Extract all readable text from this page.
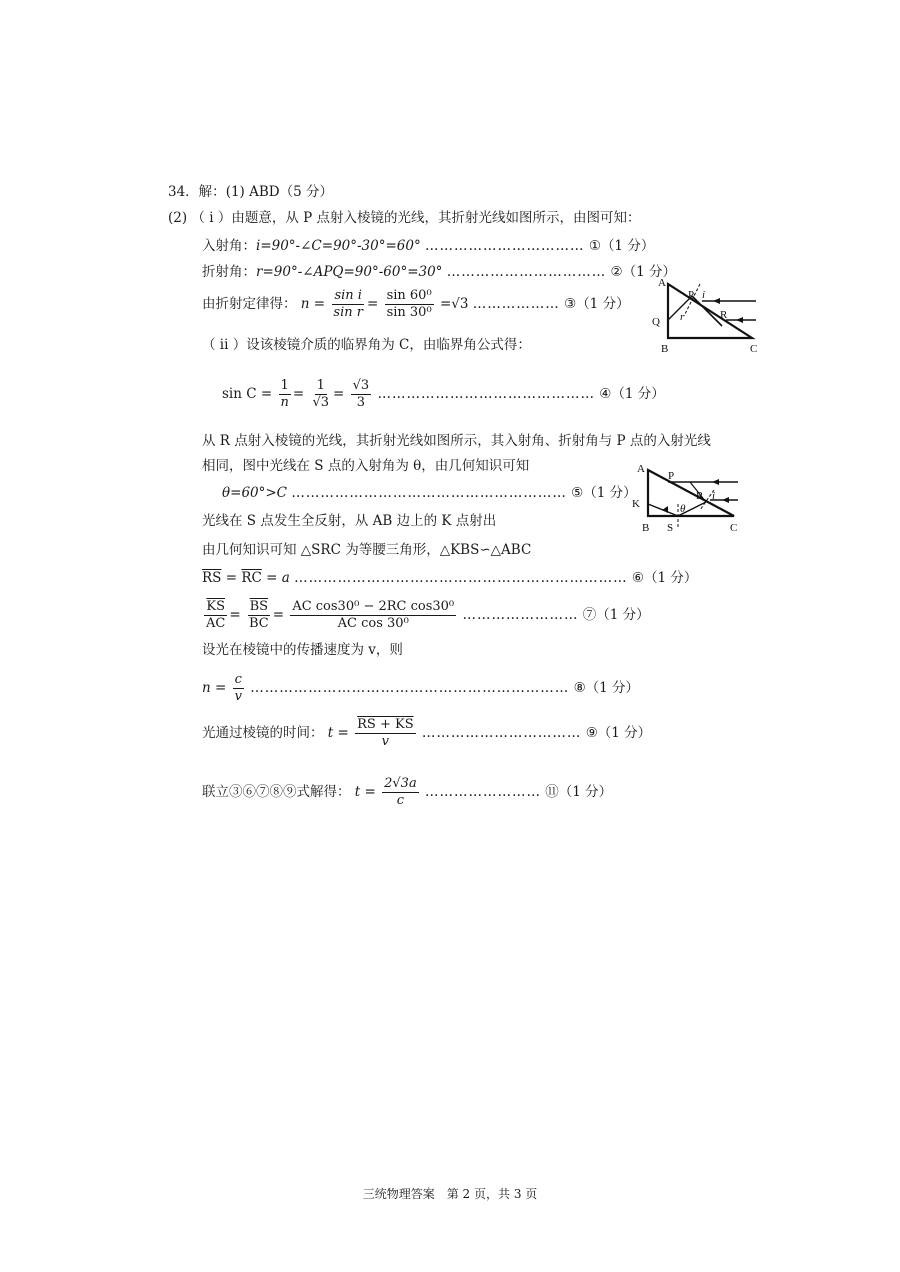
34．解：(1) ABD（5 分）
(2) （ i ）由题意，从 P 点射入棱镜的光线，其折射光线如图所示，由图可知：
入射角：i=90°-∠C=90°-30°=60° …………………………… ①（1 分）
折射角：r=90°-∠APQ=90°-60°=30° …………………………… ②（1 分）
由折射定律得： $n = \frac{\text{sin i}}{\text{sin r}} = \frac{\text{sin 60⁰}}{\text{sin 30⁰}} =√3$ ……………… ③（1 分）
A
B	C
P
Q
R
i
r
（ ii ）设该棱镜介质的临界角为 C，由临界角公式得：
$\sin C = \frac{1}{n} = \frac{1}{√3} = \frac{√3}{3}$ ……………………………………… ④（1 分）
从 R 点射入棱镜的光线，其折射光线如图所示，其入射角、折射角与 P 点的入射光线
相同，图中光线在 S 点的入射角为 θ，由几何知识可知	A
B	C
P
K
S
R i
θ
θ=60°>C ………………………………………………… ⑤（1 分）
光线在 S 点发生全反射，从 AB 边上的 K 点射出
由几何知识可知 △SRC 为等腰三角形，△KBS∽△ABC
$\overline{RS} = \overline{RC} = a$ …………………………………………………………… ⑥（1 分）
$\frac{\overline{KS}}{AC} = \frac{\overline{BS}}{BC} = \frac{\text{AC cos30⁰ − 2RC cos30⁰}}{\text{AC cos 30⁰}}$ …………………… ⑦（1 分）
设光在棱镜中的传播速度为 v，则
$n = \frac{c}{v}$ ………………………………………………………… ⑧（1 分）
光通过棱镜的时间： $t = \frac{RS + KS}{v}$ …………………………… ⑨（1 分）
联立③⑥⑦⑧⑨式解得： $t = \frac{2√3a}{c}$ …………………… ⑪（1 分）
三统物理答案　第 2 页，共 3 页
